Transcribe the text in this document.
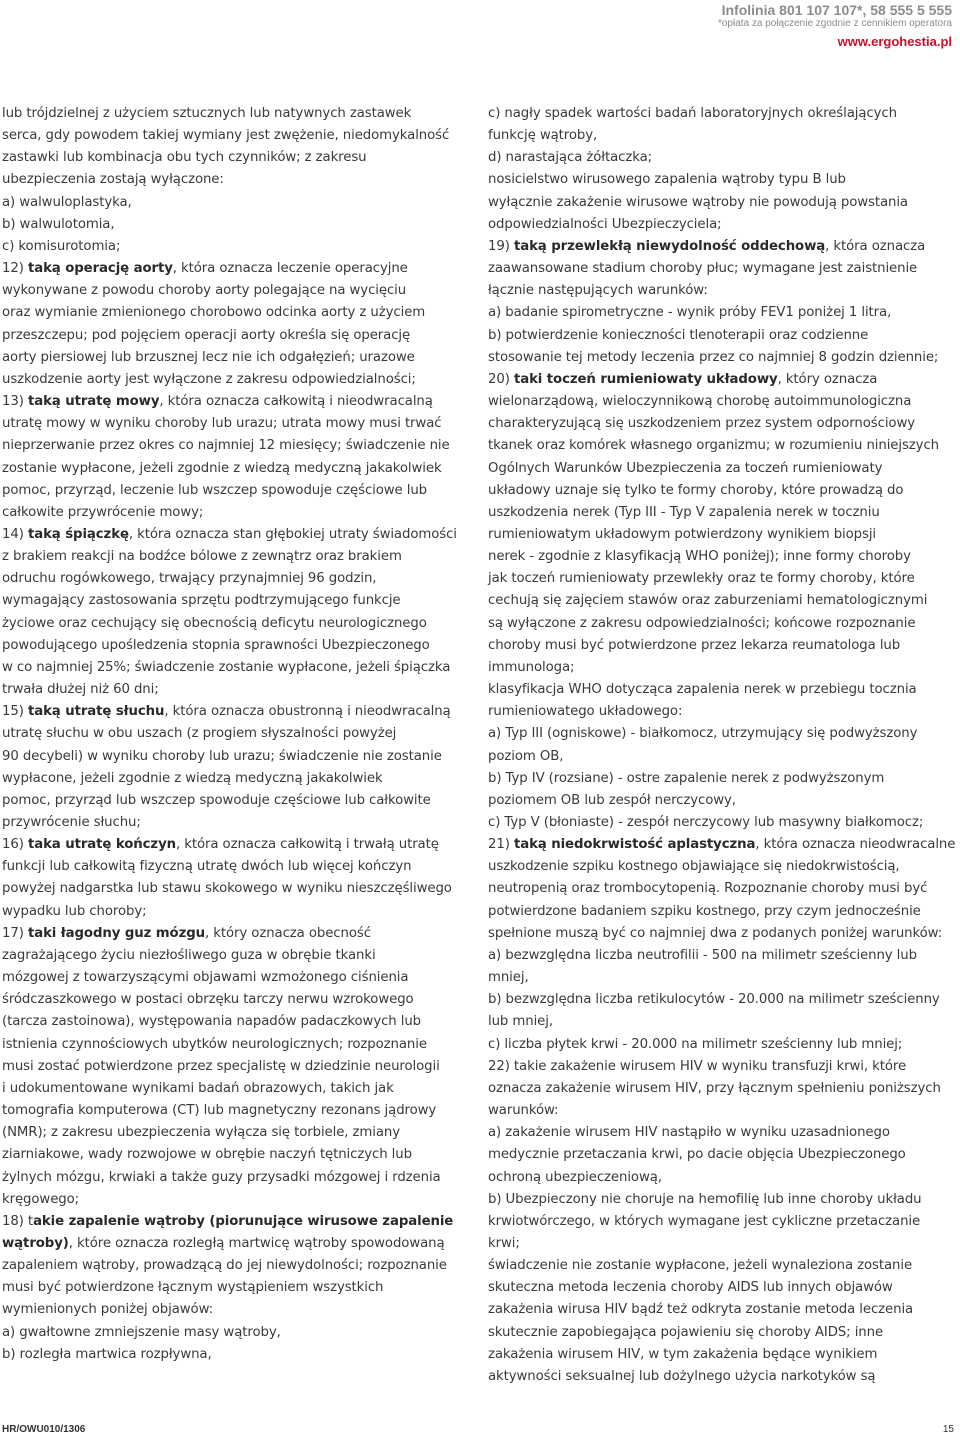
Infolinia 801 107 107*, 58 555 5 555
*opłata za połączenie zgodnie z cennikiem operatora
www.ergohestia.pl

lub trójdzielnej z użyciem sztucznych lub natywnych zastawek

serca, gdy powodem takiej wymiany jest zwężenie, niedomykalność

zastawki lub kombinacja obu tych czynników; z zakresu

ubezpieczenia zostają wyłączone:

a) walwuloplastyka,

b) walwulotomia,

c) komisurotomia;

12) taką operację aorty, która oznacza leczenie operacyjne

wykonywane z powodu choroby aorty polegające na wycięciu

oraz wymianie zmienionego chorobowo odcinka aorty z użyciem

przeszczepu; pod pojęciem operacji aorty określa się operację

aorty piersiowej lub brzusznej lecz nie ich odgałęzień; urazowe

uszkodzenie aorty jest wyłączone z zakresu odpowiedzialności;

13) taką utratę mowy, która oznacza całkowitą i nieodwracalną

utratę mowy w wyniku choroby lub urazu; utrata mowy musi trwać

nieprzerwanie przez okres co najmniej 12 miesięcy; świadczenie nie

zostanie wypłacone, jeżeli zgodnie z wiedzą medyczną jakakolwiek

pomoc, przyrząd, leczenie lub wszczep spowoduje częściowe lub

całkowite przywrócenie mowy;

14) taką śpiączkę, która oznacza stan głębokiej utraty świadomości

z brakiem reakcji na bodźce bólowe z zewnątrz oraz brakiem

odruchu rogówkowego, trwający przynajmniej 96 godzin,

wymagający zastosowania sprzętu podtrzymującego funkcje

życiowe oraz cechujący się obecnością deficytu neurologicznego

powodującego upośledzenia stopnia sprawności Ubezpieczonego

w co najmniej 25%; świadczenie zostanie wypłacone, jeżeli śpiączka

trwała dłużej niż 60 dni;

15) taką utratę słuchu, która oznacza obustronną i nieodwracalną

utratę słuchu w obu uszach (z progiem słyszalności powyżej

90 decybeli) w wyniku choroby lub urazu; świadczenie nie zostanie

wypłacone, jeżeli zgodnie z wiedzą medyczną jakakolwiek

pomoc, przyrząd lub wszczep spowoduje częściowe lub całkowite

przywrócenie słuchu;

16) taka utratę kończyn, która oznacza całkowitą i trwałą utratę

funkcji lub całkowitą fizyczną utratę dwóch lub więcej kończyn

powyżej nadgarstka lub stawu skokowego w wyniku nieszczęśliwego

wypadku lub choroby;

17) taki łagodny guz mózgu, który oznacza obecność

zagrażającego życiu niezłośliwego guza w obrębie tkanki

mózgowej z towarzyszącymi objawami wzmożonego ciśnienia

śródczaszkowego w postaci obrzęku tarczy nerwu wzrokowego

(tarcza zastoinowa), występowania napadów padaczkowych lub

istnienia czynnościowych ubytków neurologicznych; rozpoznanie

musi zostać potwierdzone przez specjalistę w dziedzinie neurologii

i udokumentowane wynikami badań obrazowych, takich jak

tomografia komputerowa (CT) lub magnetyczny rezonans jądrowy

(NMR); z zakresu ubezpieczenia wyłącza się torbiele, zmiany

ziarniakowe, wady rozwojowe w obrębie naczyń tętniczych lub

żylnych mózgu, krwiaki a także guzy przysadki mózgowej i rdzenia

kręgowego;

18) takie zapalenie wątroby (piorunujące wirusowe zapalenie

wątroby), które oznacza rozległą martwicę wątroby spowodowaną

zapaleniem wątroby, prowadzącą do jej niewydolności; rozpoznanie

musi być potwierdzone łącznym wystąpieniem wszystkich

wymienionych poniżej objawów:

a) gwałtowne zmniejszenie masy wątroby,

b) rozległa martwica rozpływna,

c) nagły spadek wartości badań laboratoryjnych określających

funkcję wątroby,

d) narastająca żółtaczka;

nosicielstwo wirusowego zapalenia wątroby typu B lub

wyłącznie zakażenie wirusowe wątroby nie powodują powstania

odpowiedzialności Ubezpieczyciela;

19) taką przewlekłą niewydolność oddechową, która oznacza

zaawansowane stadium choroby płuc; wymagane jest zaistnienie

łącznie następujących warunków:

a) badanie spirometryczne - wynik próby FEV1 poniżej 1 litra,

b) potwierdzenie konieczności tlenoterapii oraz codzienne

stosowanie tej metody leczenia przez co najmniej 8 godzin dziennie;

20) taki toczeń rumieniowaty układowy, który oznacza

wielonarządową, wieloczynnikową chorobę autoimmunologiczna

charakteryzującą się uszkodzeniem przez system odpornościowy

tkanek oraz komórek własnego organizmu; w rozumieniu niniejszych

Ogólnych Warunków Ubezpieczenia za toczeń rumieniowaty

układowy uznaje się tylko te formy choroby, które prowadzą do

uszkodzenia nerek (Typ III - Typ V zapalenia nerek w toczniu

rumieniowatym układowym potwierdzony wynikiem biopsji

nerek - zgodnie z klasyfikacją WHO poniżej); inne formy choroby

jak toczeń rumieniowaty przewlekły oraz te formy choroby, które

cechują się zajęciem stawów oraz zaburzeniami hematologicznymi

są wyłączone z zakresu odpowiedzialności; końcowe rozpoznanie

choroby musi być potwierdzone przez lekarza reumatologa lub

immunologa;

klasyfikacja WHO dotycząca zapalenia nerek w przebiegu tocznia

rumieniowatego układowego:

a) Typ III (ogniskowe) - białkomocz, utrzymujący się podwyższony

poziom OB,

b) Typ IV (rozsiane) - ostre zapalenie nerek z podwyższonym

poziomem OB lub zespół nerczycowy,

c) Typ V (błoniaste) - zespół nerczycowy lub masywny białkomocz;

21) taką niedokrwistość aplastyczna, która oznacza nieodwracalne

uszkodzenie szpiku kostnego objawiające się niedokrwistością,

neutropenią oraz trombocytopenią. Rozpoznanie choroby musi być

potwierdzone badaniem szpiku kostnego, przy czym jednocześnie

spełnione muszą być co najmniej dwa z podanych poniżej warunków:

a) bezwzględna liczba neutrofilii - 500 na milimetr sześcienny lub

mniej,

b) bezwzględna liczba retikulocytów - 20.000 na milimetr sześcienny

lub mniej,

c) liczba płytek krwi - 20.000 na milimetr sześcienny lub mniej;

22) takie zakażenie wirusem HIV w wyniku transfuzji krwi, które

oznacza zakażenie wirusem HIV, przy łącznym spełnieniu poniższych

warunków:

a) zakażenie wirusem HIV nastąpiło w wyniku uzasadnionego

medycznie przetaczania krwi, po dacie objęcia Ubezpieczonego

ochroną ubezpieczeniową,

b) Ubezpieczony nie choruje na hemofilię lub inne choroby układu

krwiotwórczego, w których wymagane jest cykliczne przetaczanie

krwi;

świadczenie nie zostanie wypłacone, jeżeli wynaleziona zostanie

skuteczna metoda leczenia choroby AIDS lub innych objawów

zakażenia wirusa HIV bądź też odkryta zostanie metoda leczenia

skutecznie zapobiegająca pojawieniu się choroby AIDS; inne

zakażenia wirusem HIV, w tym zakażenia będące wynikiem

aktywności seksualnej lub dożylnego użycia narkotyków są

HR/OWU010/1306	15
